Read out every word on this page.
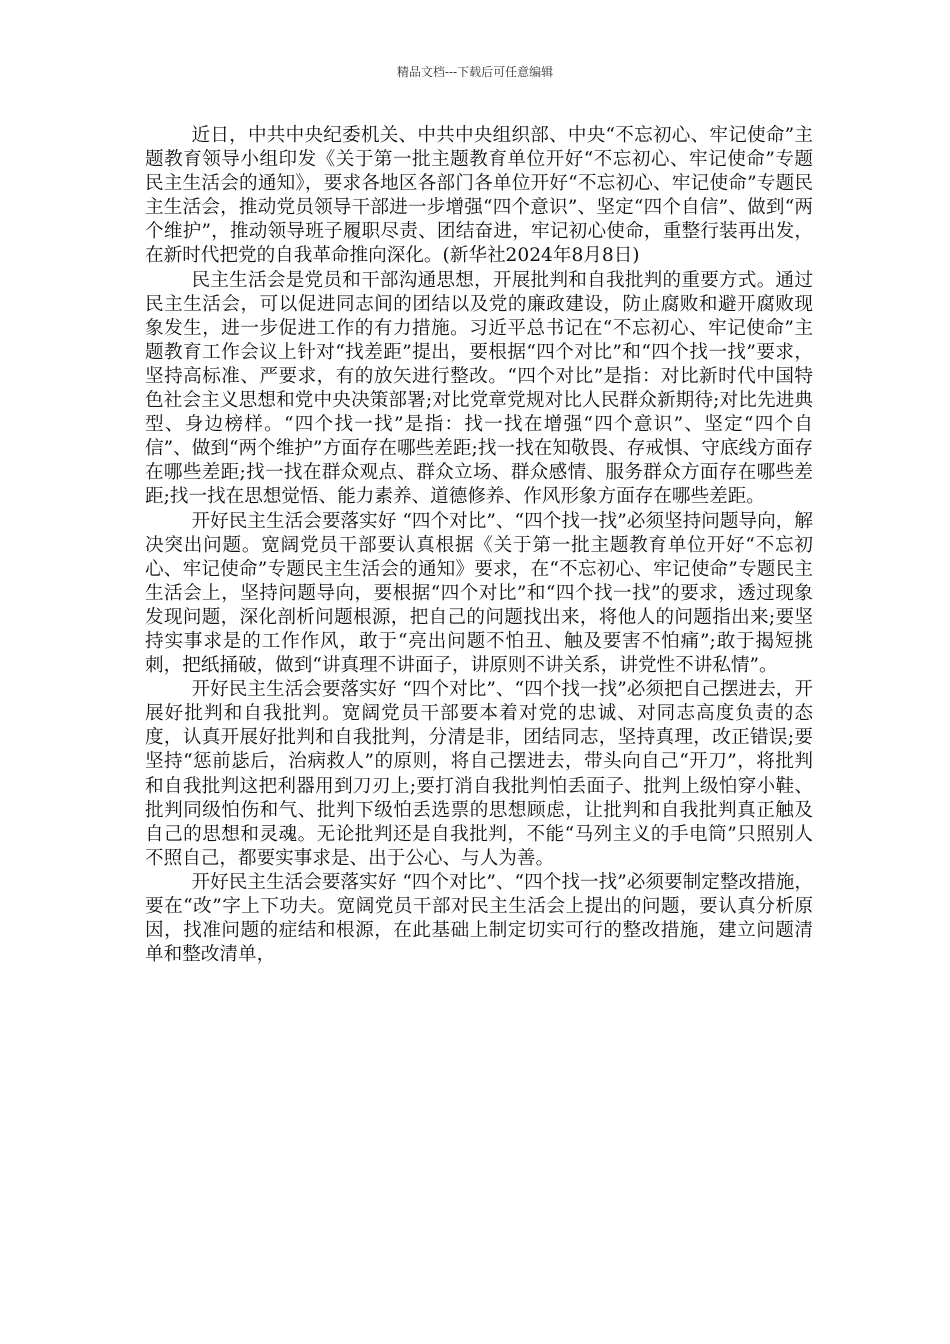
精品文档---下载后可任意编辑

近日，中共中央纪委机关、中共中央组织部、中央“不忘初心、牢记使命”主题教育领导小组印发《关于第一批主题教育单位开好“不忘初心、牢记使命”专题民主生活会的通知》，要求各地区各部门各单位开好“不忘初心、牢记使命”专题民主生活会，推动党员领导干部进一步增强“四个意识”、坚定“四个自信”、做到“两个维护”，推动领导班子履职尽责、团结奋进，牢记初心使命，重整行装再出发，在新时代把党的自我革命推向深化。(新华社2024年8月8日)

民主生活会是党员和干部沟通思想，开展批判和自我批判的重要方式。通过民主生活会，可以促进同志间的团结以及党的廉政建设，防止腐败和避开腐败现象发生，进一步促进工作的有力措施。习近平总书记在“不忘初心、牢记使命”主题教育工作会议上针对“找差距”提出，要根据“四个对比”和“四个找一找”要求，坚持高标准、严要求，有的放矢进行整改。“四个对比”是指：对比新时代中国特色社会主义思想和党中央决策部署;对比党章党规对比人民群众新期待;对比先进典型、身边榜样。“四个找一找”是指：找一找在增强“四个意识”、坚定“四个自信”、做到“两个维护”方面存在哪些差距;找一找在知敬畏、存戒惧、守底线方面存在哪些差距;找一找在群众观点、群众立场、群众感情、服务群众方面存在哪些差距;找一找在思想觉悟、能力素养、道德修养、作风形象方面存在哪些差距。

开好民主生活会要落实好 “四个对比”、“四个找一找”必须坚持问题导向，解决突出问题。宽阔党员干部要认真根据《关于第一批主题教育单位开好“不忘初心、牢记使命”专题民主生活会的通知》要求，在“不忘初心、牢记使命”专题民主生活会上，坚持问题导向，要根据“四个对比”和“四个找一找”的要求，透过现象发现问题，深化剖析问题根源，把自己的问题找出来，将他人的问题指出来;要坚持实事求是的工作作风，敢于“亮出问题不怕丑、触及要害不怕痛”;敢于揭短挑刺，把纸捅破，做到“讲真理不讲面子，讲原则不讲关系，讲党性不讲私情”。

开好民主生活会要落实好 “四个对比”、“四个找一找”必须把自己摆进去，开展好批判和自我批判。宽阔党员干部要本着对党的忠诚、对同志高度负责的态度，认真开展好批判和自我批判，分清是非，团结同志，坚持真理，改正错误;要坚持“惩前毖后，治病救人”的原则，将自己摆进去，带头向自己“开刀”，将批判和自我批判这把利器用到刀刃上;要打消自我批判怕丢面子、批判上级怕穿小鞋、批判同级怕伤和气、批判下级怕丢选票的思想顾虑，让批判和自我批判真正触及自己的思想和灵魂。无论批判还是自我批判，不能“马列主义的手电筒”只照别人不照自己，都要实事求是、出于公心、与人为善。

开好民主生活会要落实好 “四个对比”、“四个找一找”必须要制定整改措施，要在“改”字上下功夫。宽阔党员干部对民主生活会上提出的问题，要认真分析原因，找准问题的症结和根源，在此基础上制定切实可行的整改措施，建立问题清单和整改清单，
